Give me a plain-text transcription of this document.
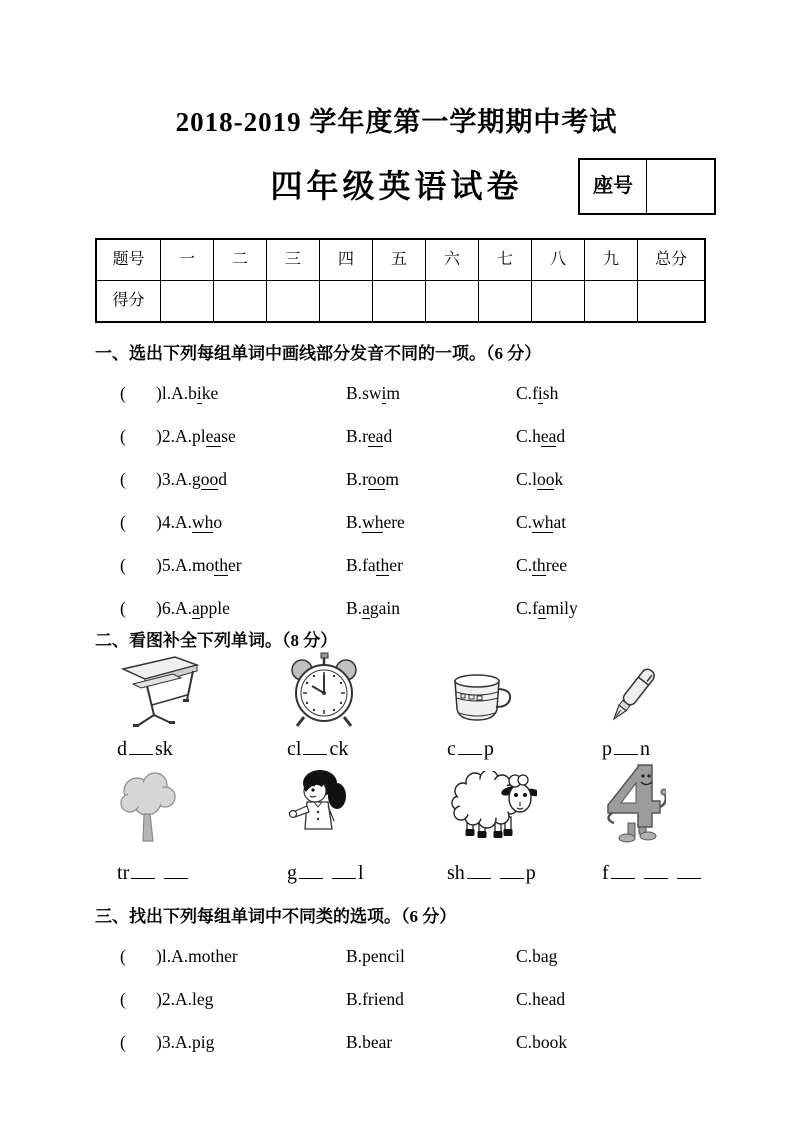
2018-2019 学年度第一学期期中考试
四年级英语试卷	座号
题号	一	二	三	四	五	六	七	八	九	总分
得分
一、选出下列每组单词中画线部分发音不同的一项。（6 分）
(	)l.A.bike	B.swim	C.fish
(	)2.A.please	B.read	C.head
(	)3.A.good	B.room	C.look
(	)4.A.who	B.where	C.what
(	)5.A.mother	B.father	C.three
(	)6.A.apple	B.again	C.family
二、看图补全下列单词。（8 分）
d sk	cl ck	c p	p n
tr	g	l	sh	p	f
三、找出下列每组单词中不同类的选项。（6 分）
(	)l.A.mother	B.pencil	C.bag
(	)2.A.leg	B.friend	C.head
(	)3.A.pig	B.bear	C.book
